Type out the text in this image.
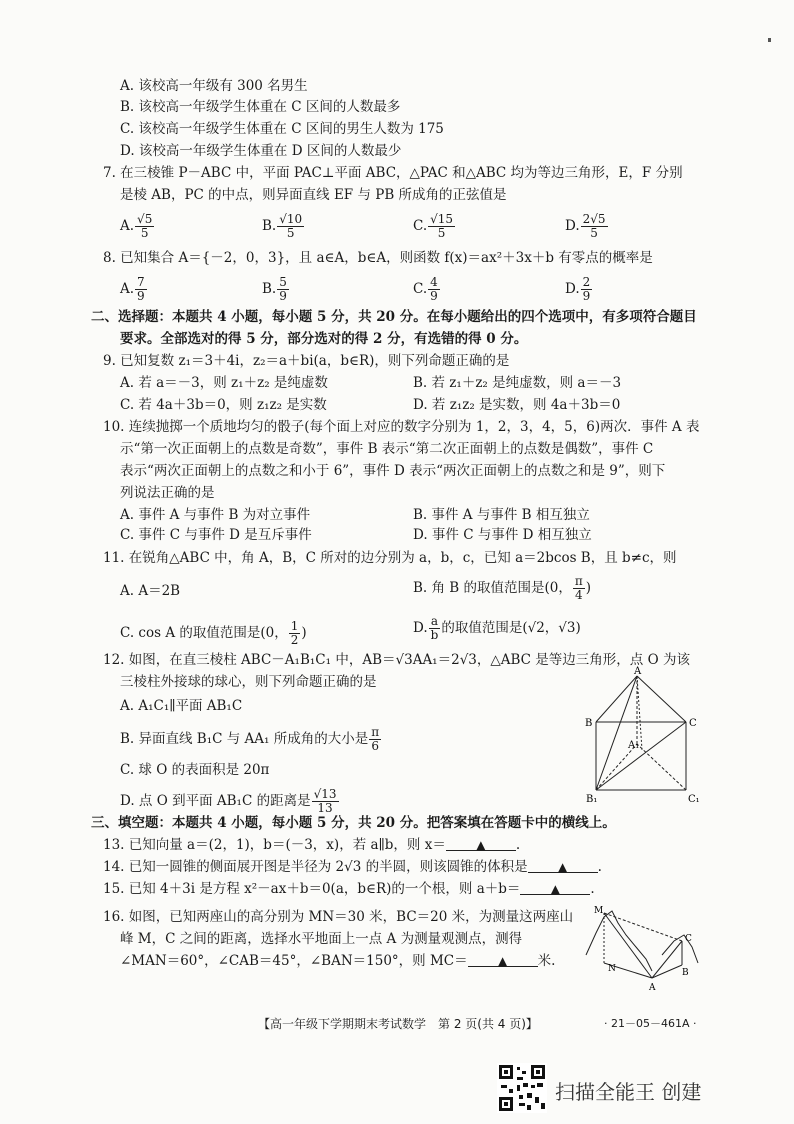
A. 该校高一年级有 300 名男生
B. 该校高一年级学生体重在 C 区间的人数最多
C. 该校高一年级学生体重在 C 区间的男生人数为 175
D. 该校高一年级学生体重在 D 区间的人数最少
7. 在三棱锥 P－ABC 中，平面 PAC⊥平面 ABC，△PAC 和△ABC 均为等边三角形，E，F 分别
是棱 AB，PC 的中点，则异面直线 EF 与 PB 所成角的正弦值是
A. $\frac{√5}{5}$	B. $\frac{√10}{5}$	C. $\frac{√15}{5}$	D. $\frac{2√5}{5}$
8. 已知集合 A＝{－2，0，3}，且 a∈A，b∈A，则函数 f(x)＝ax²＋3x＋b 有零点的概率是
A. $\frac{7}{9}$	B. $\frac{5}{9}$	C. $\frac{4}{9}$	D. $\frac{2}{9}$
二、选择题：本题共 4 小题，每小题 5 分，共 20 分。在每小题给出的四个选项中，有多项符合题目
要求。全部选对的得 5 分，部分选对的得 2 分，有选错的得 0 分。
9. 已知复数 z₁＝3＋4i，z₂＝a＋bi(a，b∈R)，则下列命题正确的是
A. 若 a＝－3，则 z₁＋z₂ 是纯虚数	B. 若 z₁＋z₂ 是纯虚数，则 a＝－3
C. 若 4a＋3b＝0，则 z₁z₂ 是实数	D. 若 z₁z₂ 是实数，则 4a＋3b＝0
10. 连续抛掷一个质地均匀的骰子(每个面上对应的数字分别为 1，2，3，4，5，6)两次．事件 A 表
示“第一次正面朝上的点数是奇数”，事件 B 表示“第二次正面朝上的点数是偶数”，事件 C
表示“两次正面朝上的点数之和小于 6”，事件 D 表示“两次正面朝上的点数之和是 9”，则下
列说法正确的是
A. 事件 A 与事件 B 为对立事件	B. 事件 A 与事件 B 相互独立
C. 事件 C 与事件 D 是互斥事件	D. 事件 C 与事件 D 相互独立
11. 在锐角△ABC 中，角 A，B，C 所对的边分别为 a，b，c，已知 a＝2bcos B，且 b≠c，则
A. A＝2B	B. 角 B 的取值范围是(0， $\frac{\pi}{4}$ )
C. cos A 的取值范围是(0， $\frac{1}{2}$ )	D. $\frac{a}{b}$ 的取值范围是(√2，√3)
12. 如图，在直三棱柱 ABC－A₁B₁C₁ 中，AB＝√3AA₁＝2√3，△ABC 是等边三角形，点 O 为该
三棱柱外接球的球心，则下列命题正确的是
A. A₁C₁∥平面 AB₁C
B. 异面直线 B₁C 与 AA₁ 所成角的大小是 $\frac{\pi}{6}$
C. 球 O 的表面积是 20π
D. 点 O 到平面 AB₁C 的距离是 $\frac{√13}{13}$
A
B	C
A₁
B₁	C₁
三、填空题：本题共 4 小题，每小题 5 分，共 20 分。把答案填在答题卡中的横线上。
13. 已知向量 a＝(2，1)，b＝(－3，x)，若 a∥b，则 x＝	▲ .
14. 已知一圆锥的侧面展开图是半径为 2√3 的半圆，则该圆锥的体积是	▲ .
15. 已知 4＋3i 是方程 x²－ax＋b＝0(a，b∈R)的一个根，则 a＋b＝	▲ .
16. 如图，已知两座山的高分别为 MN＝30 米，BC＝20 米，为测量这两座山
峰 M，C 之间的距离，选择水平地面上一点 A 为测量观测点，测得
∠MAN＝60°，∠CAB＝45°，∠BAN＝150°，则 MC＝	▲ 米.
M
N
A
B
C
【高一年级下学期期末考试数学　第 2 页(共 4 页)】	· 21－05－461A ·
扫描全能王 创建
